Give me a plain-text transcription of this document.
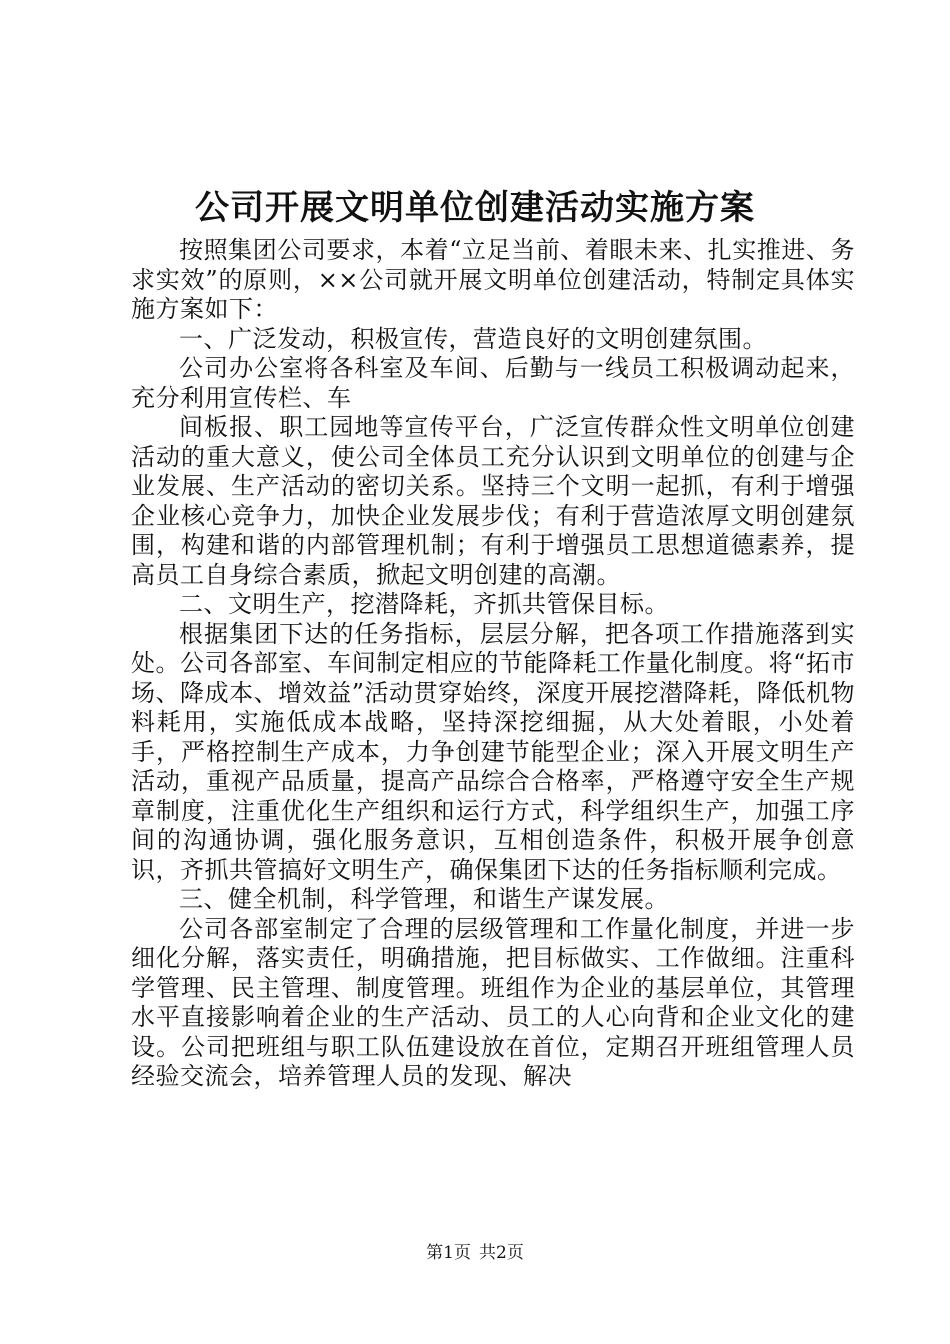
公司开展文明单位创建活动实施方案

按照集团公司要求，本着“立足当前、着眼未来、扎实推进、务求实效”的原则，××公司就开展文明单位创建活动，特制定具体实施方案如下：

一、广泛发动，积极宣传，营造良好的文明创建氛围。

公司办公室将各科室及车间、后勤与一线员工积极调动起来，充分利用宣传栏、车

间板报、职工园地等宣传平台，广泛宣传群众性文明单位创建活动的重大意义，使公司全体员工充分认识到文明单位的创建与企业发展、生产活动的密切关系。坚持三个文明一起抓，有利于增强企业核心竞争力，加快企业发展步伐；有利于营造浓厚文明创建氛围，构建和谐的内部管理机制；有利于增强员工思想道德素养，提高员工自身综合素质，掀起文明创建的高潮。

二、文明生产，挖潜降耗，齐抓共管保目标。

根据集团下达的任务指标，层层分解，把各项工作措施落到实处。公司各部室、车间制定相应的节能降耗工作量化制度。将“拓市场、降成本、增效益”活动贯穿始终，深度开展挖潜降耗，降低机物料耗用，实施低成本战略，坚持深挖细掘，从大处着眼，小处着手，严格控制生产成本，力争创建节能型企业；深入开展文明生产活动，重视产品质量，提高产品综合合格率，严格遵守安全生产规章制度，注重优化生产组织和运行方式，科学组织生产，加强工序间的沟通协调，强化服务意识，互相创造条件，积极开展争创意识，齐抓共管搞好文明生产，确保集团下达的任务指标顺利完成。

三、健全机制，科学管理，和谐生产谋发展。

公司各部室制定了合理的层级管理和工作量化制度，并进一步细化分解，落实责任，明确措施，把目标做实、工作做细。注重科学管理、民主管理、制度管理。班组作为企业的基层单位，其管理水平直接影响着企业的生产活动、员工的人心向背和企业文化的建设。公司把班组与职工队伍建设放在首位，定期召开班组管理人员经验交流会，培养管理人员的发现、解决

第1页 共2页
